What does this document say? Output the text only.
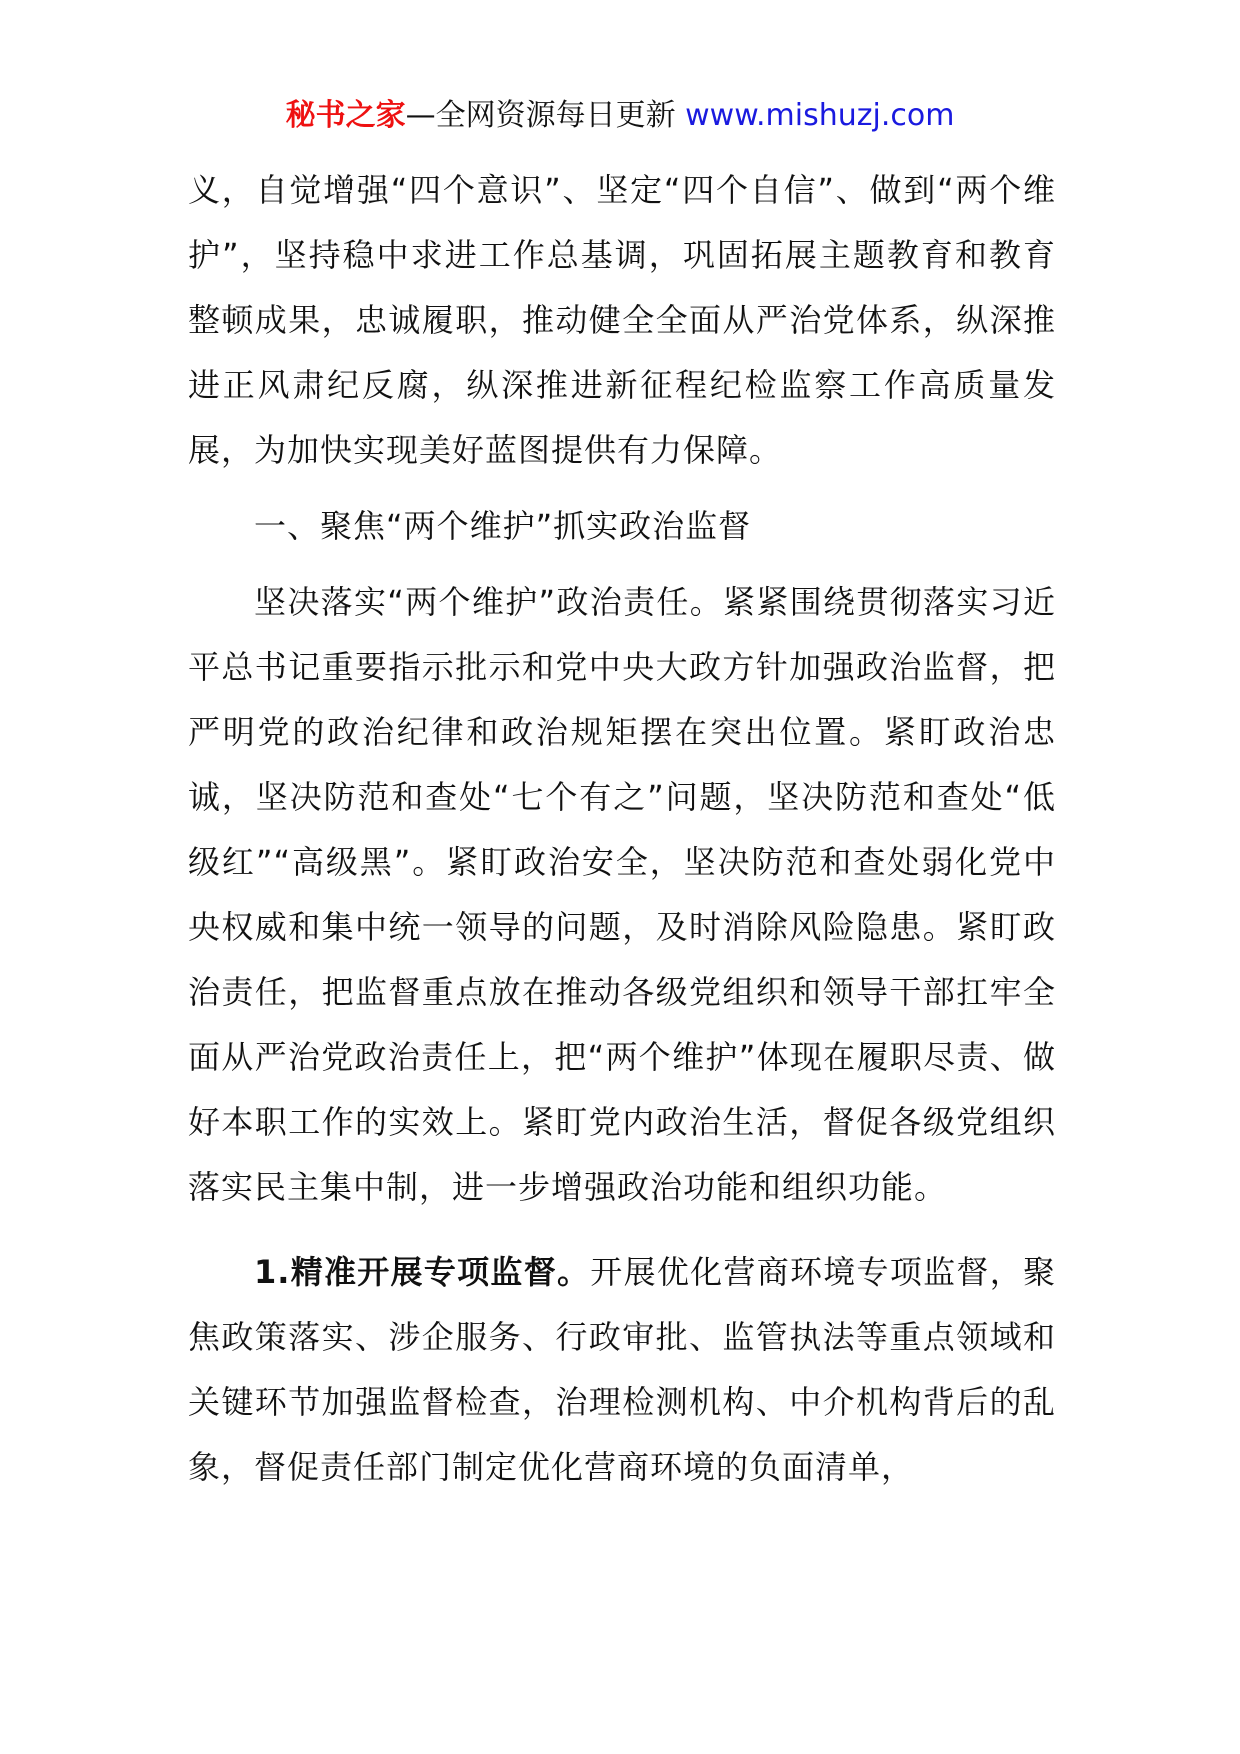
秘书之家—全网资源每日更新 www.mishuzj.com

义，自觉增强“四个意识”、坚定“四个自信”、做到“两个维护”，坚持稳中求进工作总基调，巩固拓展主题教育和教育整顿成果，忠诚履职，推动健全全面从严治党体系，纵深推进正风肃纪反腐，纵深推进新征程纪检监察工作高质量发展，为加快实现美好蓝图提供有力保障。

一、聚焦“两个维护”抓实政治监督

坚决落实“两个维护”政治责任。紧紧围绕贯彻落实习近平总书记重要指示批示和党中央大政方针加强政治监督，把严明党的政治纪律和政治规矩摆在突出位置。紧盯政治忠诚，坚决防范和查处“七个有之”问题，坚决防范和查处“低级红”“高级黑”。紧盯政治安全，坚决防范和查处弱化党中央权威和集中统一领导的问题，及时消除风险隐患。紧盯政治责任，把监督重点放在推动各级党组织和领导干部扛牢全面从严治党政治责任上，把“两个维护”体现在履职尽责、做好本职工作的实效上。紧盯党内政治生活，督促各级党组织落实民主集中制，进一步增强政治功能和组织功能。

1.精准开展专项监督。开展优化营商环境专项监督，聚焦政策落实、涉企服务、行政审批、监管执法等重点领域和关键环节加强监督检查，治理检测机构、中介机构背后的乱象，督促责任部门制定优化营商环境的负面清单，
